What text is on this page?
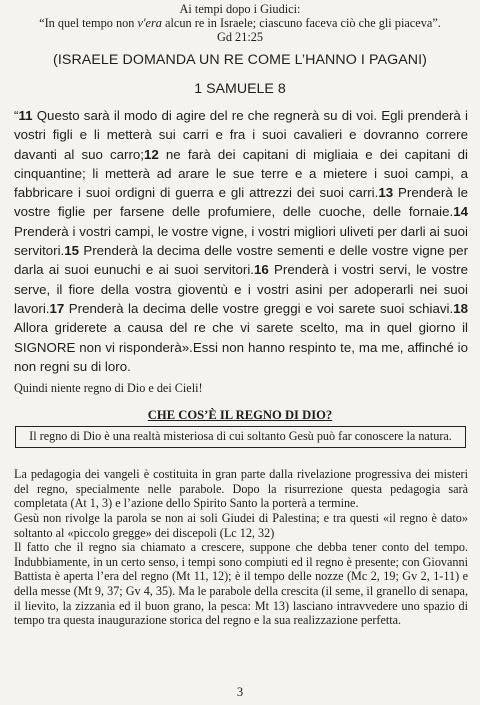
Ai tempi dopo i Giudici:
“In quel tempo non v'era alcun re in Israele; ciascuno faceva ciò che gli piaceva”.
Gd 21:25
(ISRAELE DOMANDA UN RE COME L’HANNO I PAGANI)
1 SAMUELE 8
“11 Questo sarà il modo di agire del re che regnerà su di voi. Egli prenderà i vostri figli e li metterà sui carri e fra i suoi cavalieri e dovranno correre davanti al suo carro;12 ne farà dei capitani di migliaia e dei capitani di cinquantine; li metterà ad arare le sue terre e a mietere i suoi campi, a fabbricare i suoi ordigni di guerra e gli attrezzi dei suoi carri.13 Prenderà le vostre figlie per farsene delle profumiere, delle cuoche, delle fornaie.14 Prenderà i vostri campi, le vostre vigne, i vostri migliori uliveti per darli ai suoi servitori.15 Prenderà la decima delle vostre sementi e delle vostre vigne per darla ai suoi eunuchi e ai suoi servitori.16 Prenderà i vostri servi, le vostre serve, il fiore della vostra gioventù e i vostri asini per adoperarli nei suoi lavori.17 Prenderà la decima delle vostre greggi e voi sarete suoi schiavi.18 Allora griderete a causa del re che vi sarete scelto, ma in quel giorno il SIGNORE non vi risponderà».Essi non hanno respinto te, ma me, affinché io non regni su di loro.
Quindi niente regno di Dio e dei Cieli!
CHE COS’È IL REGNO DI DIO?
Il regno di Dio è una realtà misteriosa di cui soltanto Gesù può far conoscere la natura.

La pedagogia dei vangeli è costituita in gran parte dalla rivelazione progressiva dei misteri del regno, specialmente nelle parabole. Dopo la risurrezione questa pedagogia sarà completata (At 1, 3) e l’azione dello Spirito Santo la porterà a termine.

Gesù non rivolge la parola se non ai soli Giudei di Palestina; e tra questi «il regno è dato» soltanto al «piccolo gregge» dei discepoli (Lc 12, 32)

Il fatto che il regno sia chiamato a crescere, suppone che debba tener conto del tempo. Indubbiamente, in un certo senso, i tempi sono compiuti ed il regno è presente; con Giovanni Battista è aperta l’era del regno (Mt 11, 12); è il tempo delle nozze (Mc 2, 19; Gv 2, 1-11) e della messe (Mt 9, 37; Gv 4, 35). Ma le parabole della crescita (il seme, il granello di senapa, il lievito, la zizzania ed il buon grano, la pesca: Mt 13) lasciano intravvedere uno spazio di tempo tra questa inaugurazione storica del regno e la sua realizzazione perfetta.

3
